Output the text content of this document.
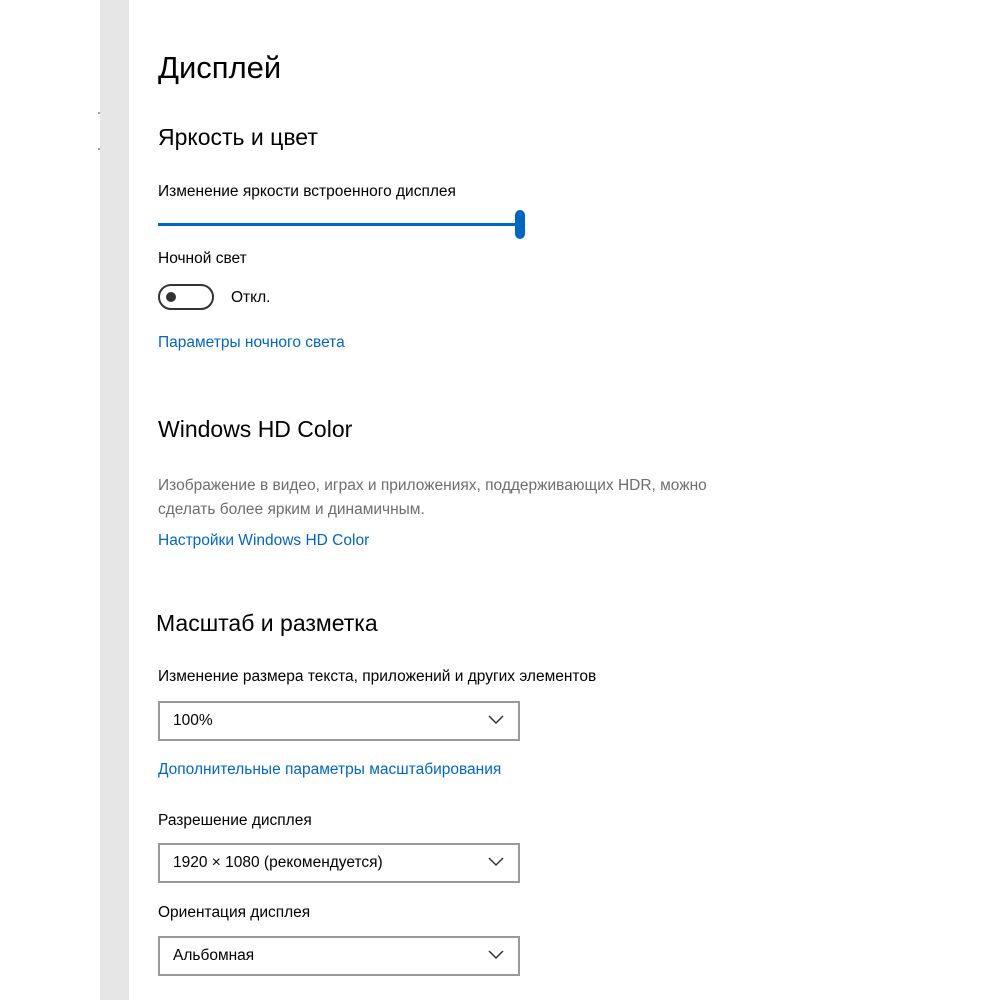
Дисплей
Яркость и цвет
Изменение яркости встроенного дисплея
Ночной свет
Откл.
Параметры ночного света
Windows HD Color
Изображение в видео, играх и приложениях, поддерживающих HDR, можно сделать более ярким и динамичным.
Настройки Windows HD Color
Масштаб и разметка
Изменение размера текста, приложений и других элементов
100%
Дополнительные параметры масштабирования
Разрешение дисплея
1920 × 1080 (рекомендуется)
Ориентация дисплея
Альбомная
